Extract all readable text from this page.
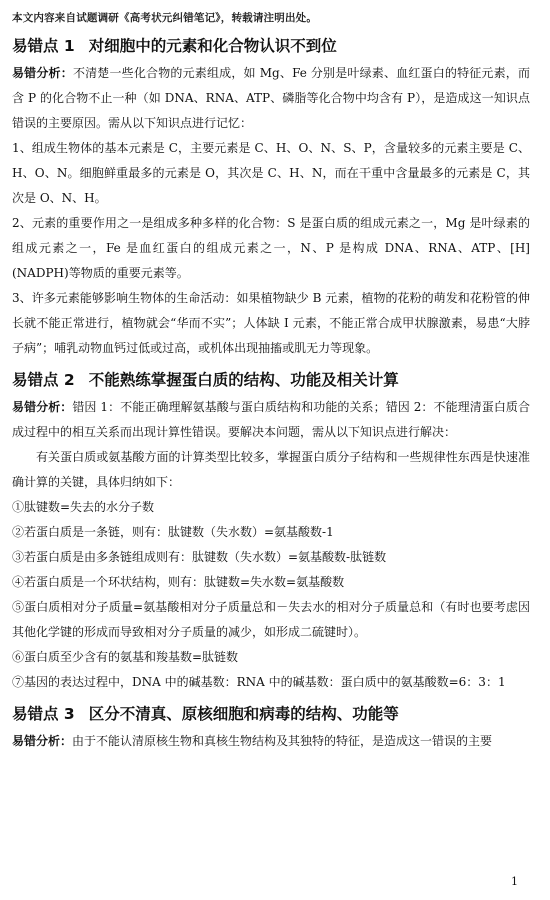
本文内容来自试题调研《高考状元纠错笔记》，转载请注明出处。
易错点 1 对细胞中的元素和化合物认识不到位

易错分析：不清楚一些化合物的元素组成，如 Mg、Fe 分别是叶绿素、血红蛋白的特征元素，而含 P 的化合物不止一种（如 DNA、RNA、ATP、磷脂等化合物中均含有 P），是造成这一知识点错误的主要原因。需从以下知识点进行记忆：

1、组成生物体的基本元素是 C，主要元素是 C、H、O、N、S、P，含量较多的元素主要是 C、H、O、N。细胞鲜重最多的元素是 O，其次是 C、H、N，而在干重中含量最多的元素是 C，其次是 O、N、H。

2、元素的重要作用之一是组成多种多样的化合物：S 是蛋白质的组成元素之一，Mg 是叶绿素的组成元素之一，Fe 是血红蛋白的组成元素之一，N、P 是构成 DNA、RNA、ATP、[H](NADPH)等物质的重要元素等。

3、许多元素能够影响生物体的生命活动：如果植物缺少 B 元素，植物的花粉的萌发和花粉管的伸长就不能正常进行，植物就会“华而不实”；人体缺 I 元素，不能正常合成甲状腺激素，易患“大脖子病”；哺乳动物血钙过低或过高，或机体出现抽搐或肌无力等现象。

易错点 2 不能熟练掌握蛋白质的结构、功能及相关计算

易错分析：错因 1：不能正确理解氨基酸与蛋白质结构和功能的关系；错因 2：不能理清蛋白质合成过程中的相互关系而出现计算性错误。要解决本问题，需从以下知识点进行解决：

有关蛋白质或氨基酸方面的计算类型比较多，掌握蛋白质分子结构和一些规律性东西是快速准确计算的关键，具体归纳如下：

①肽键数=失去的水分子数

②若蛋白质是一条链，则有：肽键数（失水数）=氨基酸数-1

③若蛋白质是由多条链组成则有：肽键数（失水数）=氨基酸数-肽链数

④若蛋白质是一个环状结构，则有：肽键数=失水数=氨基酸数

⑤蛋白质相对分子质量=氨基酸相对分子质量总和－失去水的相对分子质量总和（有时也要考虑因其他化学键的形成而导致相对分子质量的减少，如形成二硫键时）。

⑥蛋白质至少含有的氨基和羧基数=肽链数

⑦基因的表达过程中，DNA 中的碱基数：RNA 中的碱基数：蛋白质中的氨基酸数=6：3：1

易错点 3 区分不清真、原核细胞和病毒的结构、功能等

易错分析：由于不能认清原核生物和真核生物结构及其独特的特征，是造成这一错误的主要

1
